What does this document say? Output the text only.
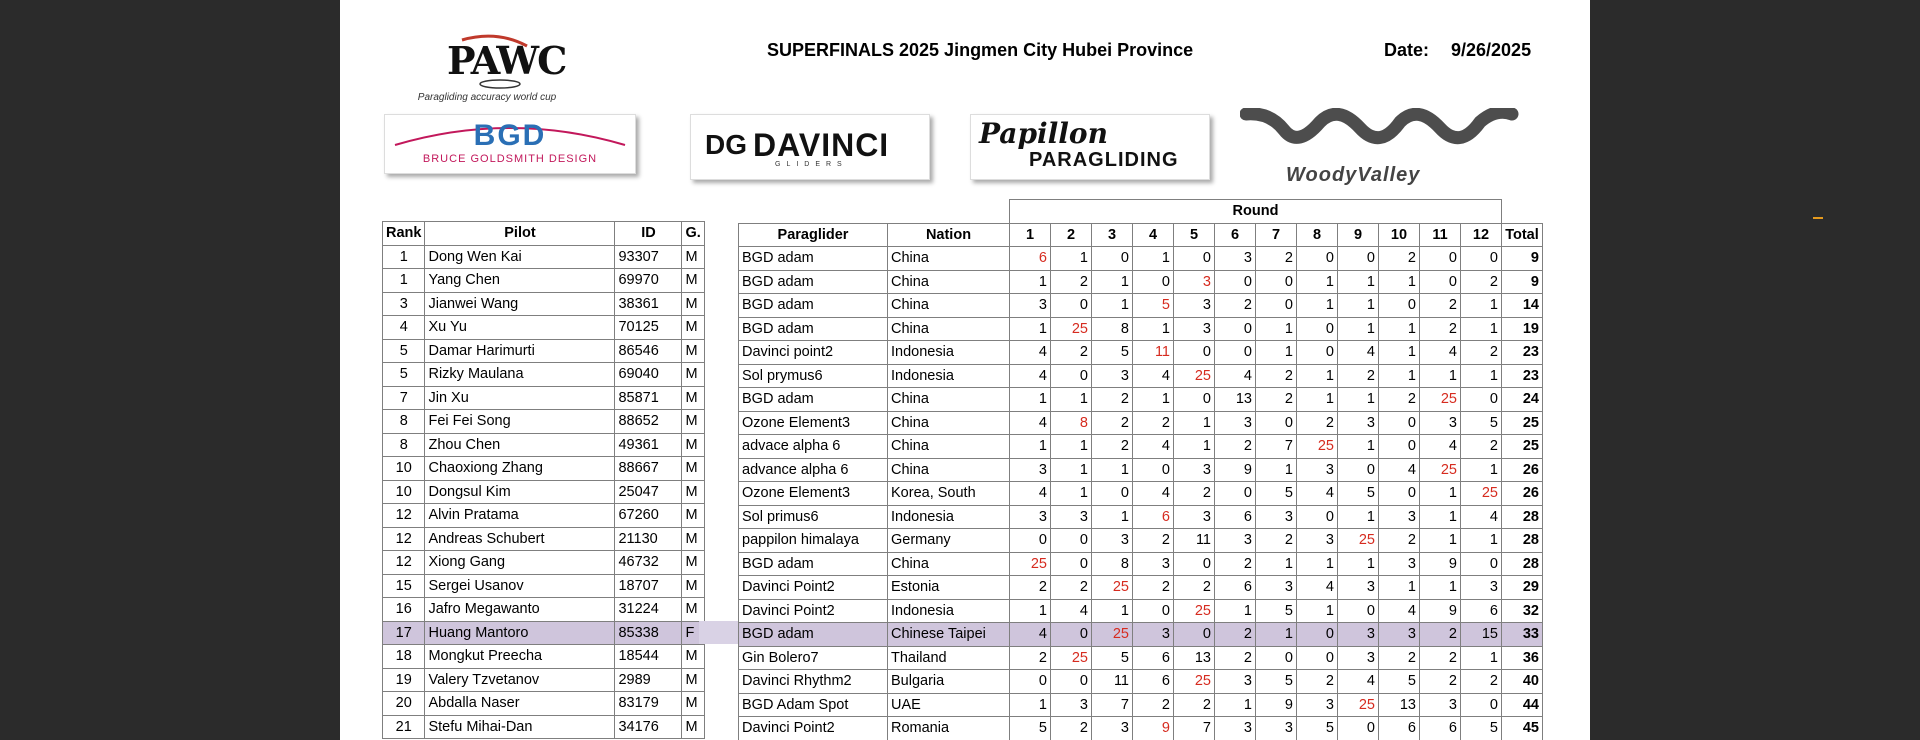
PAWC
Paragliding accuracy world cup
SUPERFINALS 2025 Jingmen City Hubei Province	Date: 9/26/2025
BGD
BRUCE GOLDSMITH DESIGN	DG DAVINCI
GLIDERS
Papillon
PARAGLIDING
WoodyValley
Rank	Pilot	ID	G.
1	Dong Wen Kai	93307	M
1	Yang Chen	69970	M
3	Jianwei Wang	38361	M
4	Xu Yu	70125	M
5	Damar Harimurti	86546	M
5	Rizky Maulana	69040	M
7	Jin Xu	85871	M
8	Fei Fei Song	88652	M
8	Zhou Chen	49361	M
10	Chaoxiong Zhang	88667	M
10	Dongsul Kim	25047	M
12	Alvin Pratama	67260	M
12	Andreas Schubert	21130	M
12	Xiong Gang	46732	M
15	Sergei Usanov	18707	M
16	Jafro Megawanto	31224	M
17	Huang Mantoro	85338	F
18	Mongkut Preecha	18544	M
19	Valery Tzvetanov	2989	M
20	Abdalla Naser	83179	M
21	Stefu Mihai-Dan	34176	M
		Round												
Paraglider	Nation	1	2	3	4	5	6	7	8	9	10	11	12	Total
BGD adam	China	6	1	0	1	0	3	2	0	0	2	0	0	9
BGD adam	China	1	2	1	0	3	0	0	1	1	1	0	2	9
BGD adam	China	3	0	1	5	3	2	0	1	1	0	2	1	14
BGD adam	China	1	25	8	1	3	0	1	0	1	1	2	1	19
Davinci point2	Indonesia	4	2	5	11	0	0	1	0	4	1	4	2	23
Sol prymus6	Indonesia	4	0	3	4	25	4	2	1	2	1	1	1	23
BGD adam	China	1	1	2	1	0	13	2	1	1	2	25	0	24
Ozone Element3	China	4	8	2	2	1	3	0	2	3	0	3	5	25
advace alpha 6	China	1	1	2	4	1	2	7	25	1	0	4	2	25
advance alpha 6	China	3	1	1	0	3	9	1	3	0	4	25	1	26
Ozone Element3	Korea, South	4	1	0	4	2	0	5	4	5	0	1	25	26
Sol primus6	Indonesia	3	3	1	6	3	6	3	0	1	3	1	4	28
pappilon himalaya	Germany	0	0	3	2	11	3	2	3	25	2	1	1	28
BGD adam	China	25	0	8	3	0	2	1	1	1	3	9	0	28
Davinci Point2	Estonia	2	2	25	2	2	6	3	4	3	1	1	3	29
Davinci Point2	Indonesia	1	4	1	0	25	1	5	1	0	4	9	6	32
BGD adam	Chinese Taipei	4	0	25	3	0	2	1	0	3	3	2	15	33
Gin Bolero7	Thailand	2	25	5	6	13	2	0	0	3	2	2	1	36
Davinci Rhythm2	Bulgaria	0	0	11	6	25	3	5	2	4	5	2	2	40
BGD Adam Spot	UAE	1	3	7	2	2	1	9	3	25	13	3	0	44
Davinci Point2	Romania	5	2	3	9	7	3	3	5	0	6	6	5	45
